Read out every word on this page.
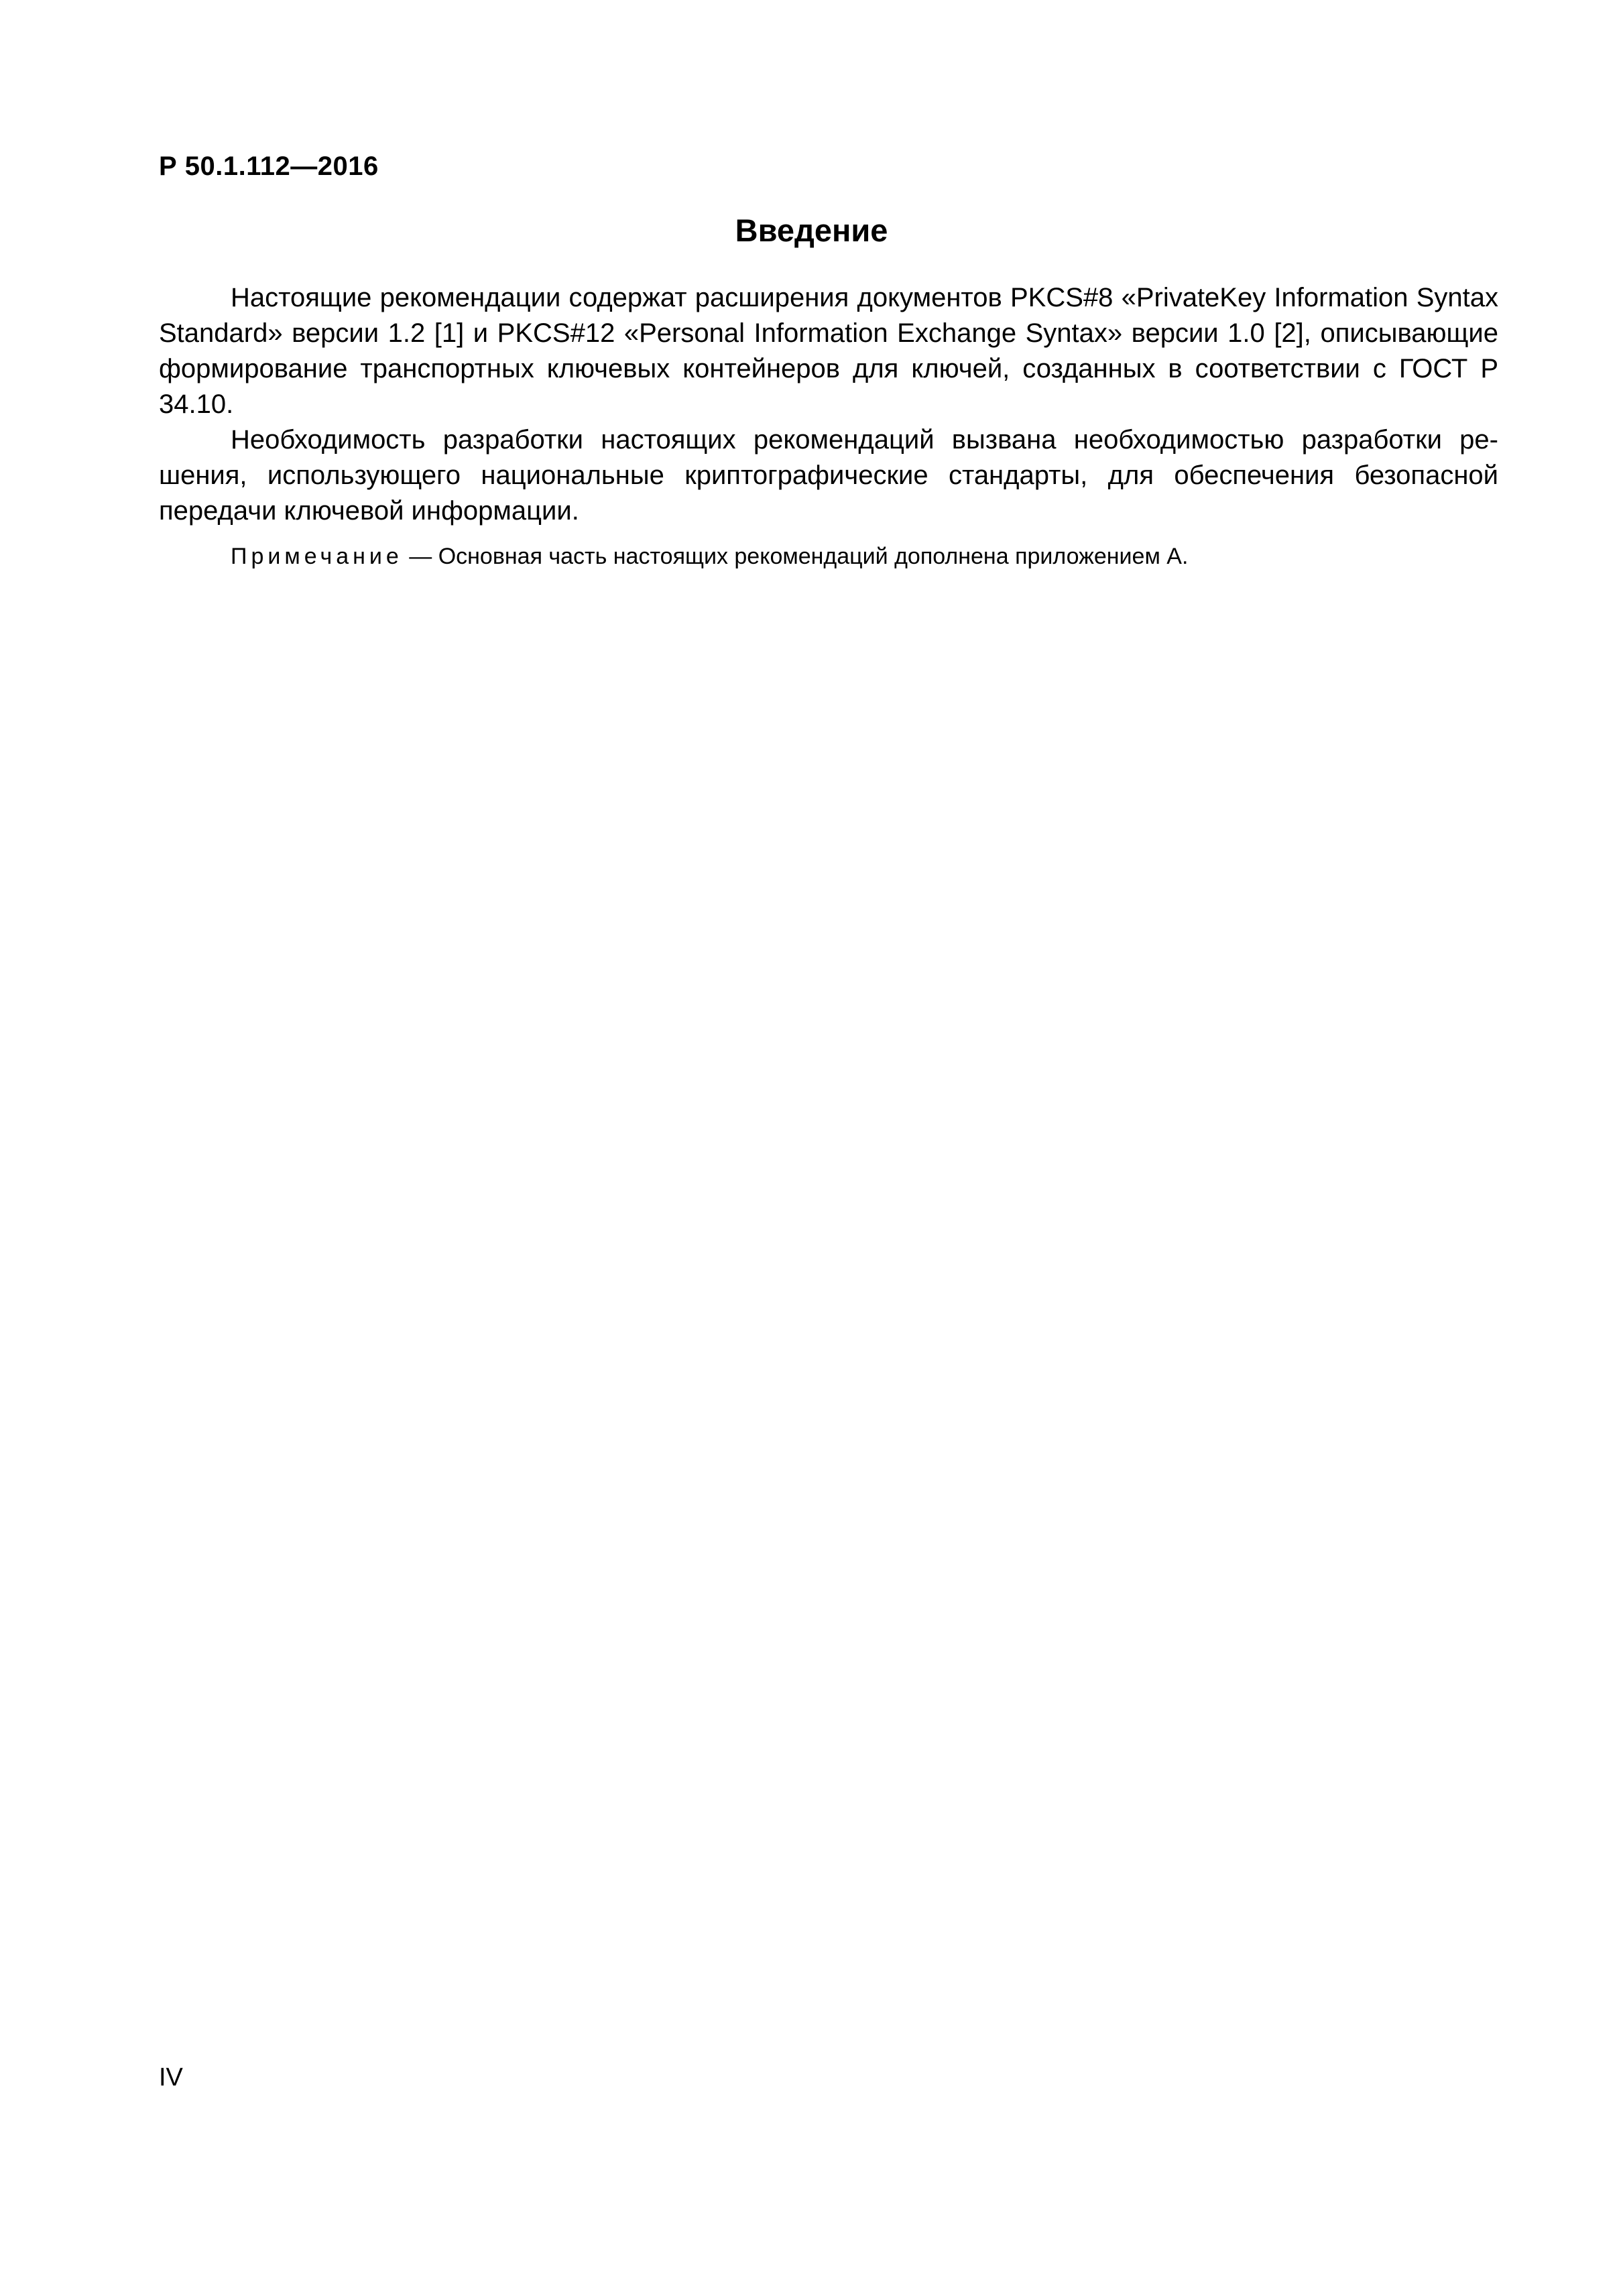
Р 50.1.112—2016
Введение

Настоящие рекомендации содержат расширения документов PKCS#8 «PrivateKey Information Syntax Standard» версии 1.2 [1] и PKCS#12 «Personal Information Exchange Syntax» версии 1.0 [2], описывающие формирование транспортных ключевых контейнеров для ключей, созданных в соответствии с ГОСТ Р 34.10.

Необходимость разработки настоящих рекомендаций вызвана необходимостью разработки решения, использующего национальные криптографические стандарты, для обеспечения безопасной передачи ключевой информации.

Примечание — Основная часть настоящих рекомендаций дополнена приложением А.

IV
